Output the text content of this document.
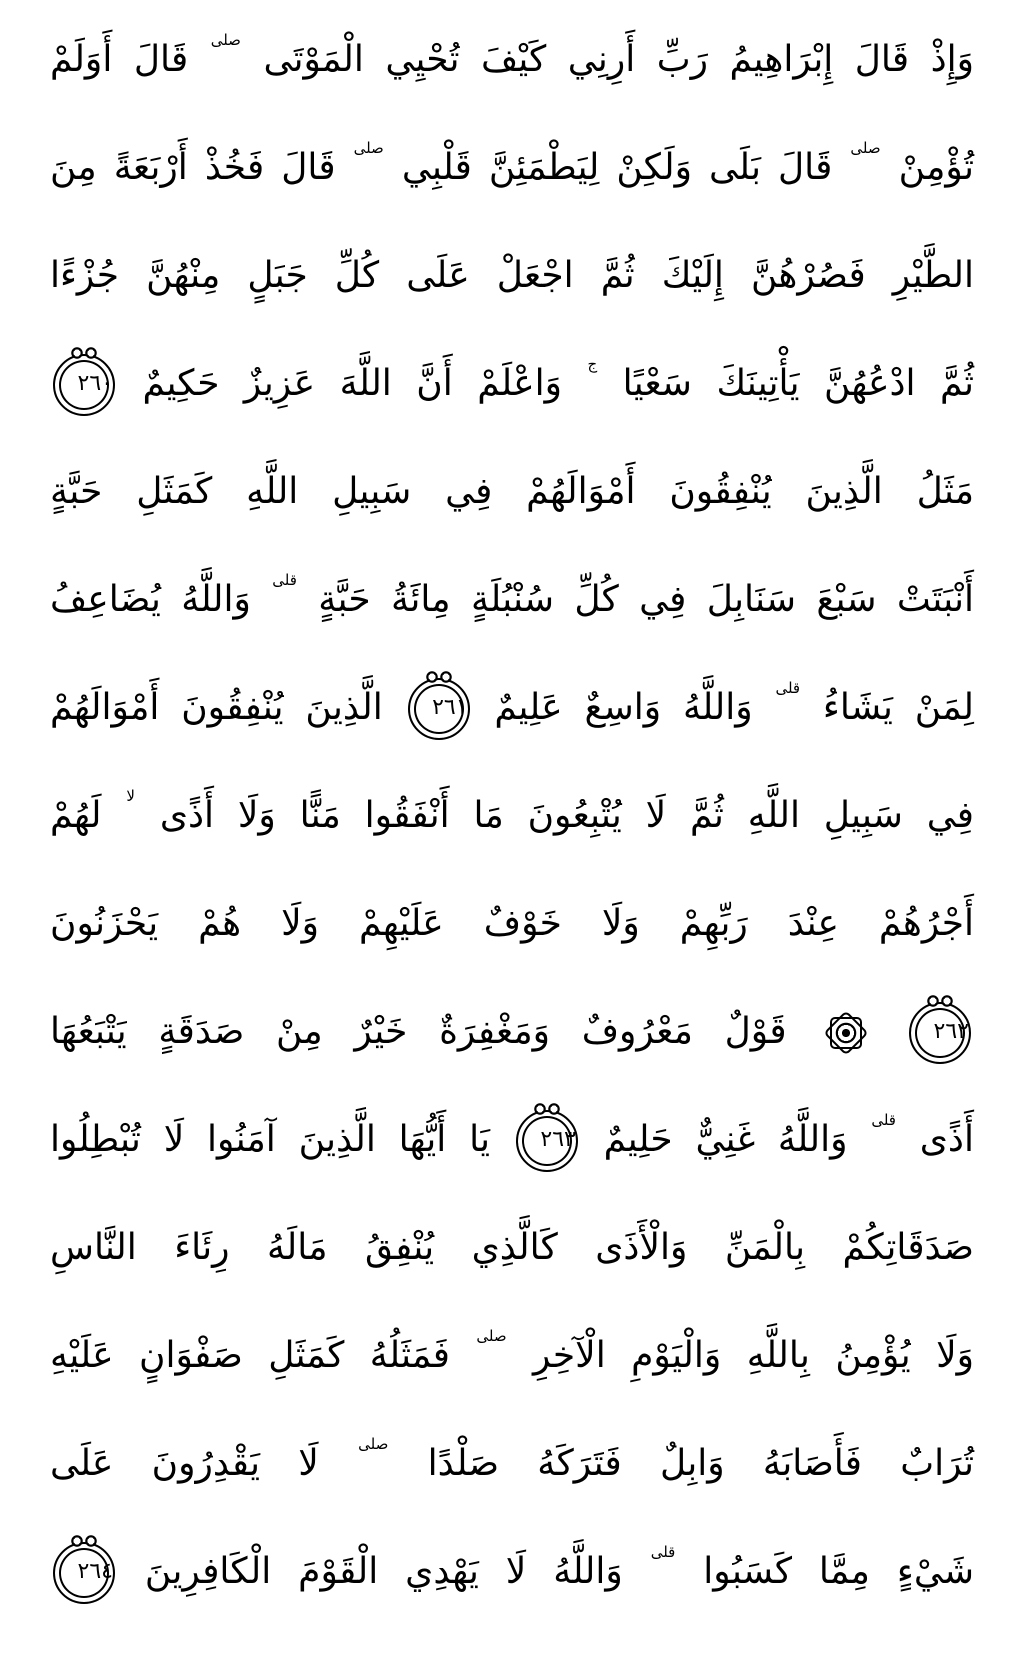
وَإِذْ قَالَ إِبْرَاهِيمُ رَبِّ أَرِنِي كَيْفَ تُحْيِي الْمَوْتَى صلى قَالَ أَوَلَمْ
تُؤْمِنْ صلى قَالَ بَلَى وَلَكِنْ لِيَطْمَئِنَّ قَلْبِي صلى قَالَ فَخُذْ أَرْبَعَةً مِنَ
الطَّيْرِ فَصُرْهُنَّ إِلَيْكَ ثُمَّ اجْعَلْ عَلَى كُلِّ جَبَلٍ مِنْهُنَّ جُزْءًا
ثُمَّ ادْعُهُنَّ يَأْتِينَكَ سَعْيًا ج وَاعْلَمْ أَنَّ اللَّهَ عَزِيزٌ حَكِيمٌ
٢٦٠
مَثَلُ الَّذِينَ يُنْفِقُونَ أَمْوَالَهُمْ فِي سَبِيلِ اللَّهِ كَمَثَلِ حَبَّةٍ
أَنْبَتَتْ سَبْعَ سَنَابِلَ فِي كُلِّ سُنْبُلَةٍ مِائَةُ حَبَّةٍ قلى وَاللَّهُ يُضَاعِفُ
لِمَنْ يَشَاءُ قلى وَاللَّهُ وَاسِعٌ عَلِيمٌ
٢٦١
الَّذِينَ يُنْفِقُونَ أَمْوَالَهُمْ
فِي سَبِيلِ اللَّهِ ثُمَّ لَا يُتْبِعُونَ مَا أَنْفَقُوا مَنًّا وَلَا أَذًى لا لَهُمْ
أَجْرُهُمْ عِنْدَ رَبِّهِمْ وَلَا خَوْفٌ عَلَيْهِمْ وَلَا هُمْ يَحْزَنُونَ
٢٦٢
قَوْلٌ مَعْرُوفٌ وَمَغْفِرَةٌ خَيْرٌ مِنْ صَدَقَةٍ يَتْبَعُهَا
أَذًى قلى وَاللَّهُ غَنِيٌّ حَلِيمٌ
٢٦٣
يَا أَيُّهَا الَّذِينَ آمَنُوا لَا تُبْطِلُوا
صَدَقَاتِكُمْ بِالْمَنِّ وَالْأَذَى كَالَّذِي يُنْفِقُ مَالَهُ رِئَاءَ النَّاسِ
وَلَا يُؤْمِنُ بِاللَّهِ وَالْيَوْمِ الْآخِرِ صلى فَمَثَلُهُ كَمَثَلِ صَفْوَانٍ عَلَيْهِ
تُرَابٌ فَأَصَابَهُ وَابِلٌ فَتَرَكَهُ صَلْدًا صلى لَا يَقْدِرُونَ عَلَى
شَيْءٍ مِمَّا كَسَبُوا قلى وَاللَّهُ لَا يَهْدِي الْقَوْمَ الْكَافِرِينَ
٢٦٤
